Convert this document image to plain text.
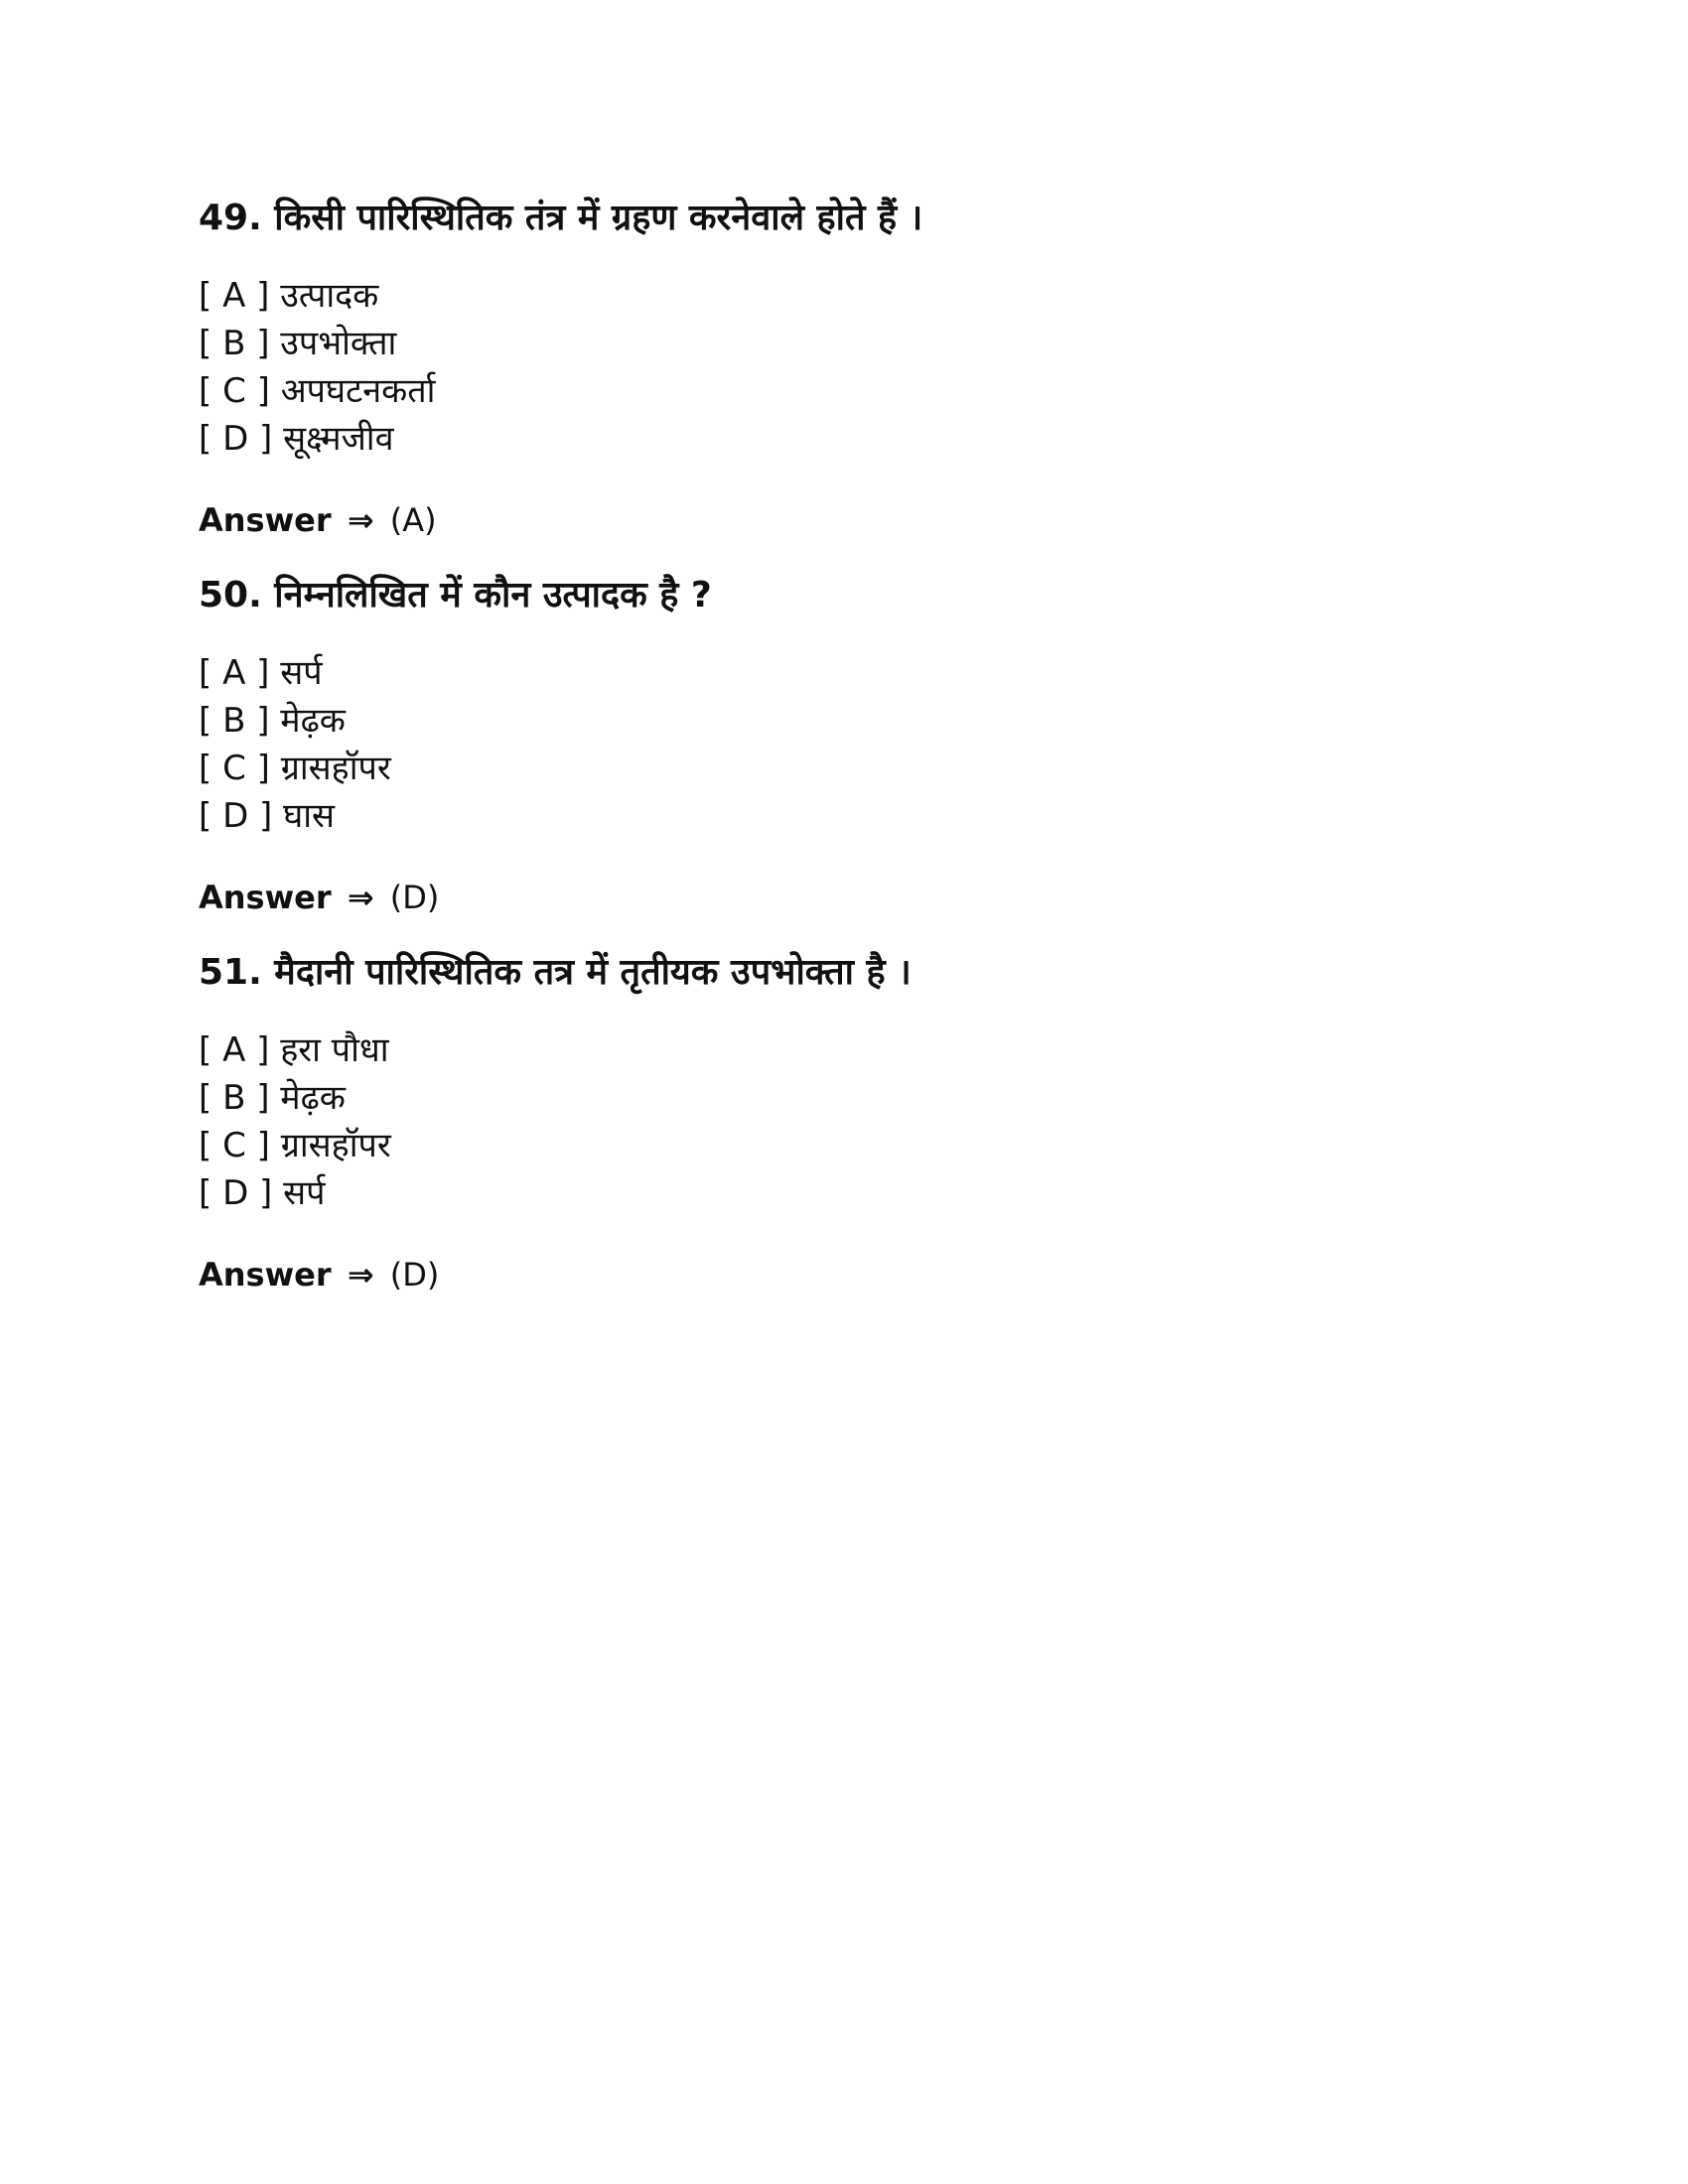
49. किसी पारिस्थितिक तंत्र में ग्रहण करनेवाले होते हैं ।

[ A ] उत्पादक
[ B ] उपभोक्ता
[ C ] अपघटनकर्ता
[ D ] सूक्ष्मजीव
Answer ⇒ (A)

50. निम्नलिखित में कौन उत्पादक है ?

[ A ] सर्प
[ B ] मेढ़क
[ C ] ग्रासहॉपर
[ D ] घास
Answer ⇒ (D)

51. मैदानी पारिस्थितिक तत्र में तृतीयक उपभोक्ता है ।

[ A ] हरा पौधा
[ B ] मेढ़क
[ C ] ग्रासहॉपर
[ D ] सर्प
Answer ⇒ (D)
